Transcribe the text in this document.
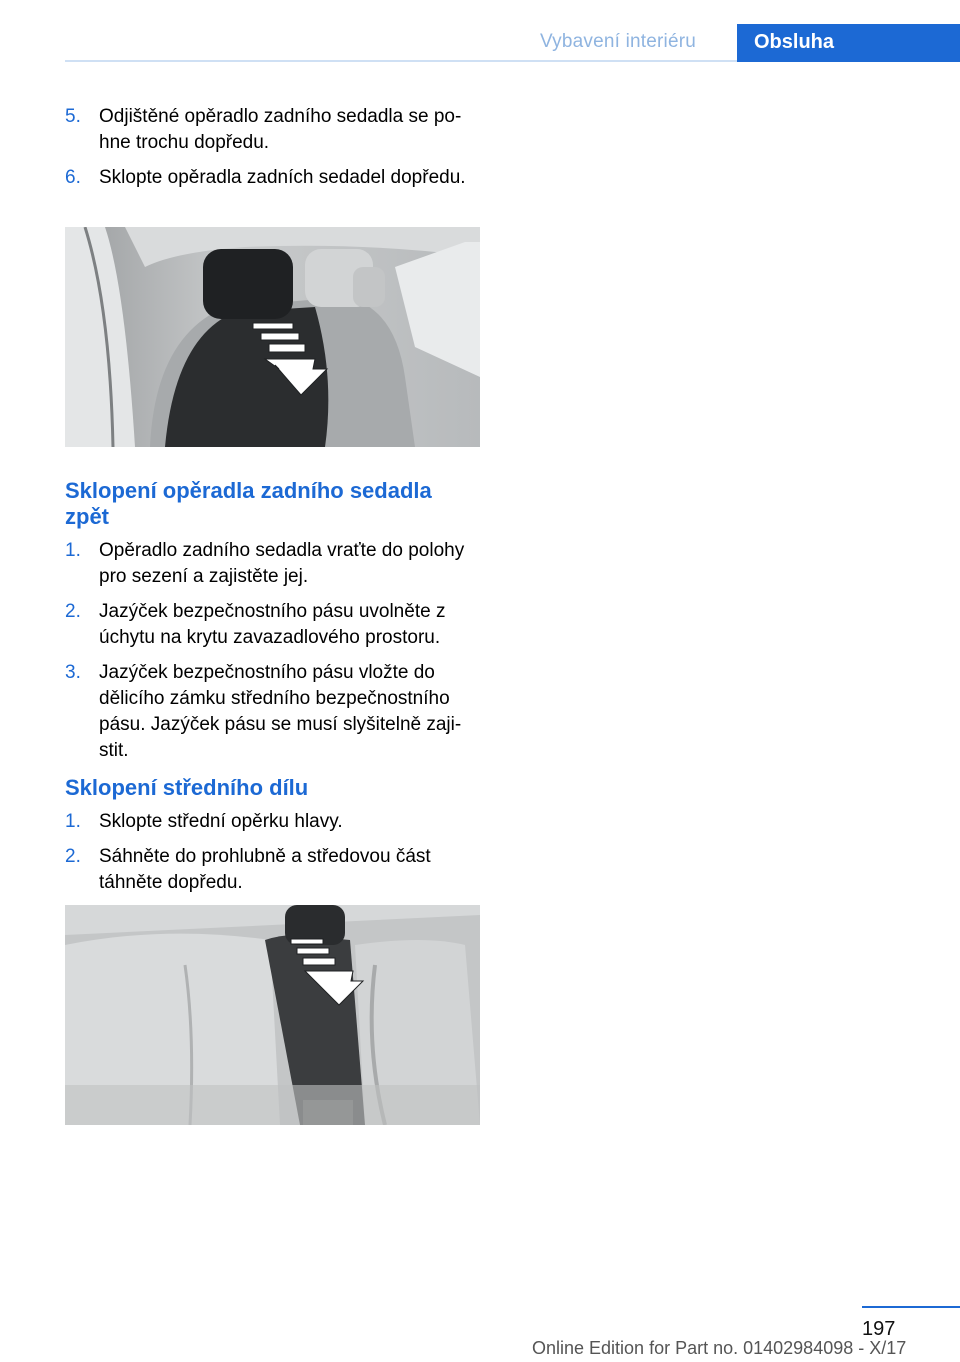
Vybavení interiéru	Obsluha
5. Odjištěné opěradlo zadního sedadla se pohne trochu dopředu.
6. Sklopte opěradla zadních sedadel dopředu.
Sklopení opěradla zadního sedadla zpět
1. Opěradlo zadního sedadla vraťte do polohy pro sezení a zajistěte jej.
2. Jazýček bezpečnostního pásu uvolněte z úchytu na krytu zavazadlového prostoru.
3. Jazýček bezpečnostního pásu vložte do dělicího zámku středního bezpečnostního pásu. Jazýček pásu se musí slyšitelně zajistit.
Sklopení středního dílu
1. Sklopte střední opěrku hlavy.
2. Sáhněte do prohlubně a středovou část táhněte dopředu.
197
Online Edition for Part no. 01402984098 - X/17
